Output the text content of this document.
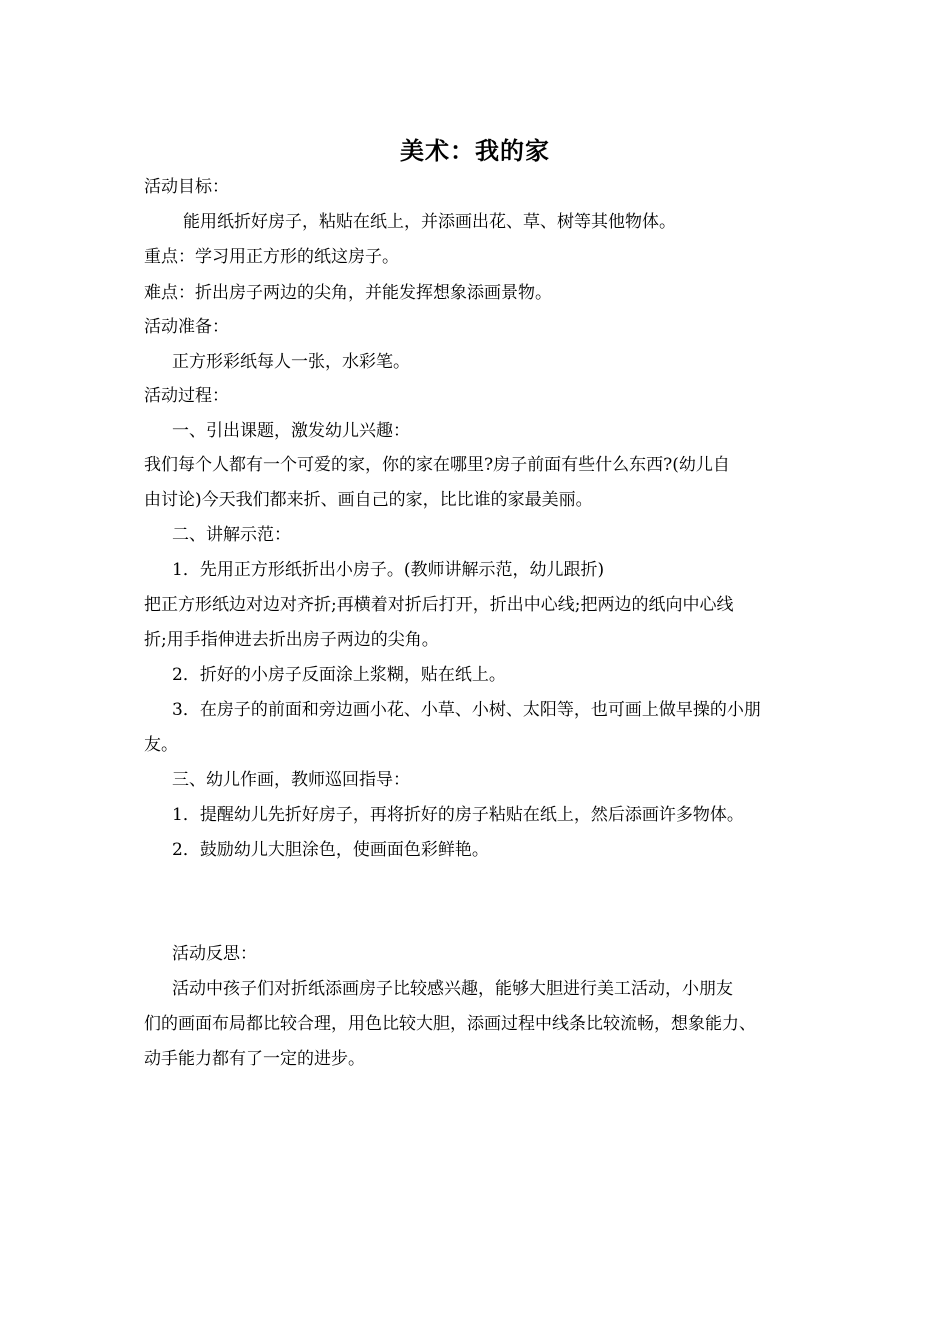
美术：我的家
活动目标：
能用纸折好房子，粘贴在纸上，并添画出花、草、树等其他物体。
重点：学习用正方形的纸这房子。
难点：折出房子两边的尖角，并能发挥想象添画景物。
活动准备：
正方形彩纸每人一张，水彩笔。
活动过程：
一、引出课题，激发幼儿兴趣：
我们每个人都有一个可爱的家，你的家在哪里?房子前面有些什么东西?(幼儿自
由讨论)今天我们都来折、画自己的家，比比谁的家最美丽。
二、讲解示范：
1．先用正方形纸折出小房子。(教师讲解示范，幼儿跟折)
把正方形纸边对边对齐折;再横着对折后打开，折出中心线;把两边的纸向中心线
折;用手指伸进去折出房子两边的尖角。
2．折好的小房子反面涂上浆糊，贴在纸上。
3．在房子的前面和旁边画小花、小草、小树、太阳等，也可画上做早操的小朋
友。
三、幼儿作画，教师巡回指导：
1．提醒幼儿先折好房子，再将折好的房子粘贴在纸上，然后添画许多物体。
2．鼓励幼儿大胆涂色，使画面色彩鲜艳。
活动反思：
活动中孩子们对折纸添画房子比较感兴趣，能够大胆进行美工活动，小朋友
们的画面布局都比较合理，用色比较大胆，添画过程中线条比较流畅，想象能力、
动手能力都有了一定的进步。
